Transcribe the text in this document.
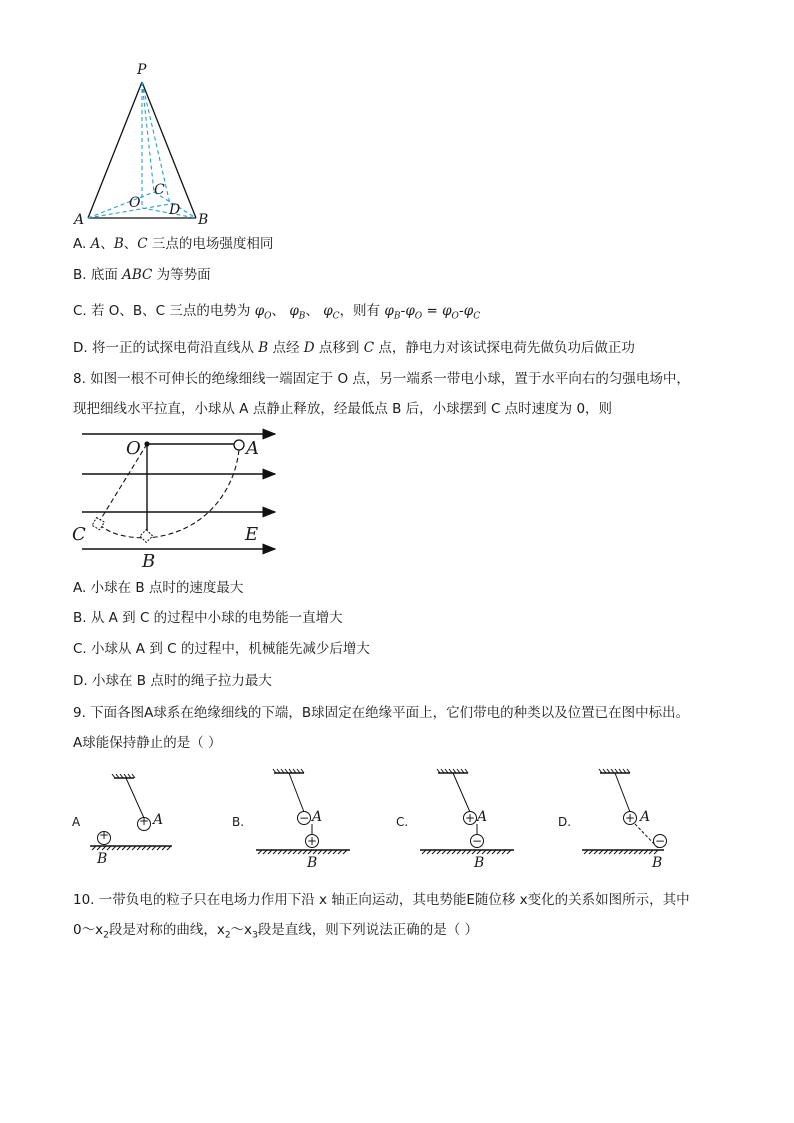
P
C
O D
A	B
A. A、B、C 三点的电场强度相同
B. 底面 ABC 为等势面
C. 若 O、B、C 三点的电势为 $\varphi_O$、 $\varphi_B$、 $\varphi_C$，则有 $\varphi_B-\varphi_O = \varphi_O-\varphi_C$
D. 将一正的试探电荷沿直线从 B 点经 D 点移到 C 点，静电力对该试探电荷先做负功后做正功
8. 如图一根不可伸长的绝缘细线一端固定于 O 点，另一端系一带电小球，置于水平向右的匀强电场中，
现把细线水平拉直，小球从 A 点静止释放，经最低点 B 后，小球摆到 C 点时速度为 0，则
O	A
C	E
B
A. 小球在 B 点时的速度最大
B. 从 A 到 C 的过程中小球的电势能一直增大
C. 小球从 A 到 C 的过程中，机械能先减少后增大
D. 小球在 B 点时的绳子拉力最大
9. 下面各图A球系在绝缘细线的下端，B球固定在绝缘平面上，它们带电的种类以及位置已在图中标出。
A球能保持静止的是（ ）
A	+
+
A
B
B.	−
+
A
B
C.	+
−
A
B
D.	+
−
A
B
10. 一带负电的粒子只在电场力作用下沿 x 轴正向运动，其电势能E随位移 x变化的关系如图所示，其中
$0\sim x_2$段是对称的曲线，$x_2\sim x_3$段是直线，则下列说法正确的是（ ）
